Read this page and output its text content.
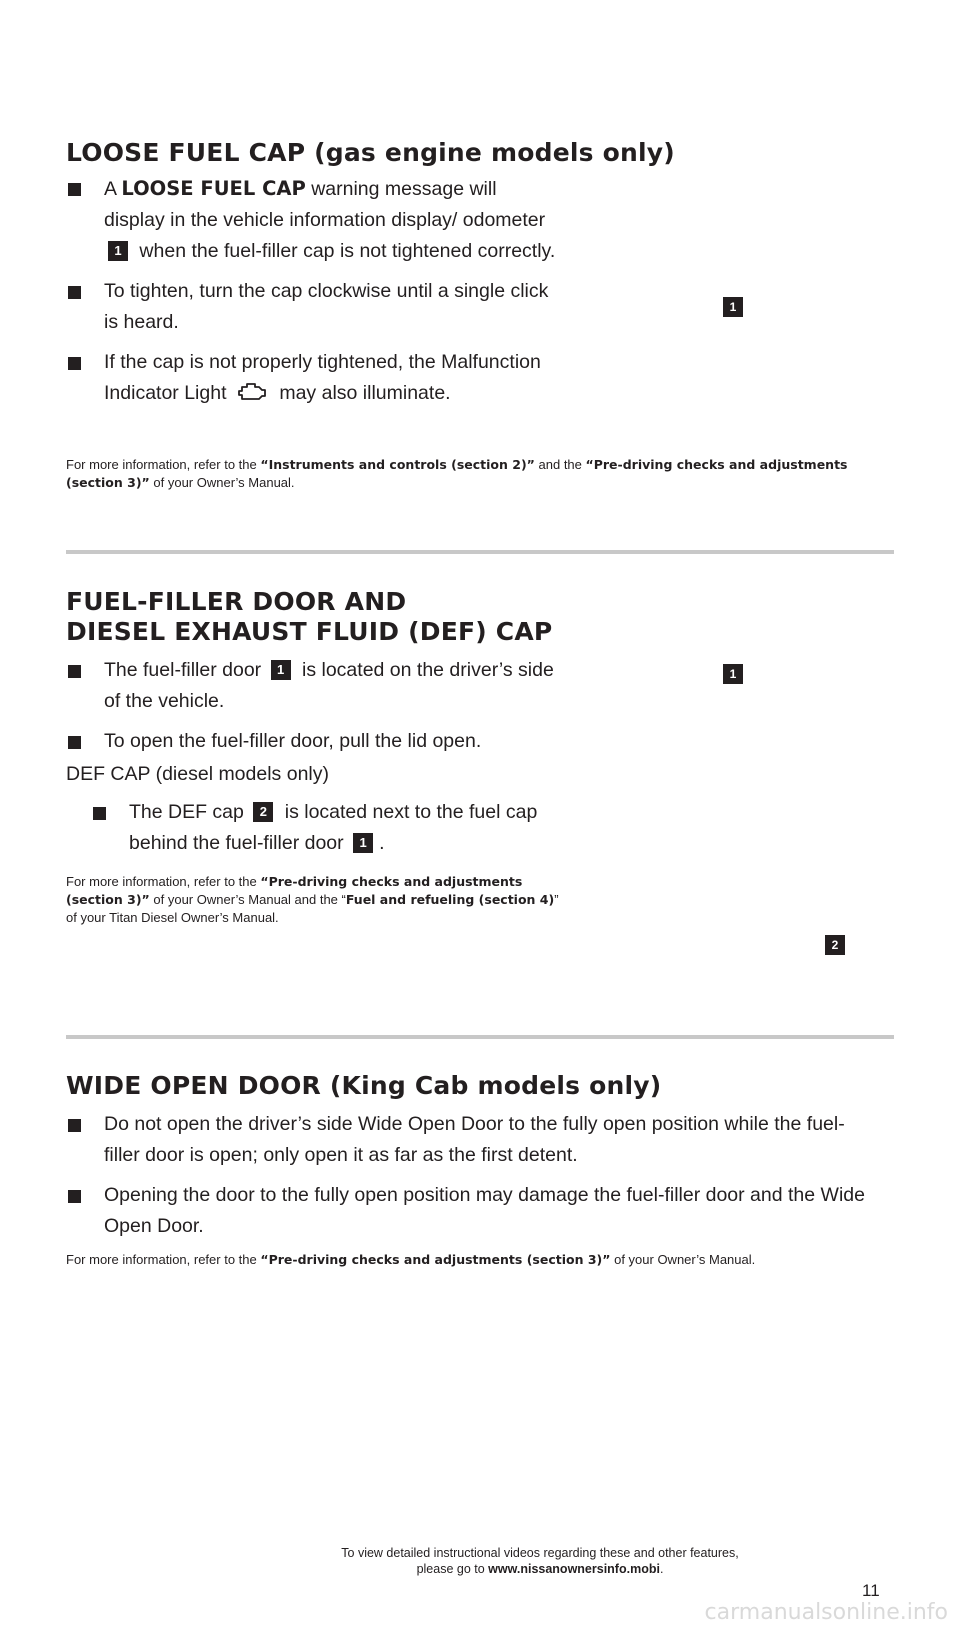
LOOSE FUEL CAP (gas engine models only)
A LOOSE FUEL CAP warning message will display in the vehicle information display/ odometer 1 when the fuel-filler cap is not tightened correctly.
To tighten, turn the cap clockwise until a single click is heard.
If the cap is not properly tightened, the Malfunction Indicator Light	may also illuminate.

For more information, refer to the “Instruments and controls (section 2)” and the “Pre-driving checks and adjustments (section 3)” of your Owner’s Manual.

1
FUEL-FILLER DOOR AND
DIESEL EXHAUST FLUID (DEF) CAP
The fuel-filler door 1 is located on the driver’s side of the vehicle.
To open the fuel-filler door, pull the lid open.

DEF CAP (diesel models only)

The DEF cap 2 is located next to the fuel cap behind the fuel-filler door 1 .

For more information, refer to the “Pre-driving checks and adjustments (section 3)” of your Owner’s Manual and the “Fuel and refueling (section 4)” of your Titan Diesel Owner’s Manual.

1
2
WIDE OPEN DOOR (King Cab models only)
Do not open the driver’s side Wide Open Door to the fully open position while the fuel-filler door is open; only open it as far as the first detent.
Opening the door to the fully open position may damage the fuel-filler door and the Wide Open Door.

For more information, refer to the “Pre-driving checks and adjustments (section 3)” of your Owner’s Manual.

To view detailed instructional videos regarding these and other features,
please go to www.nissanownersinfo.mobi.
11
carmanualsonline.info
